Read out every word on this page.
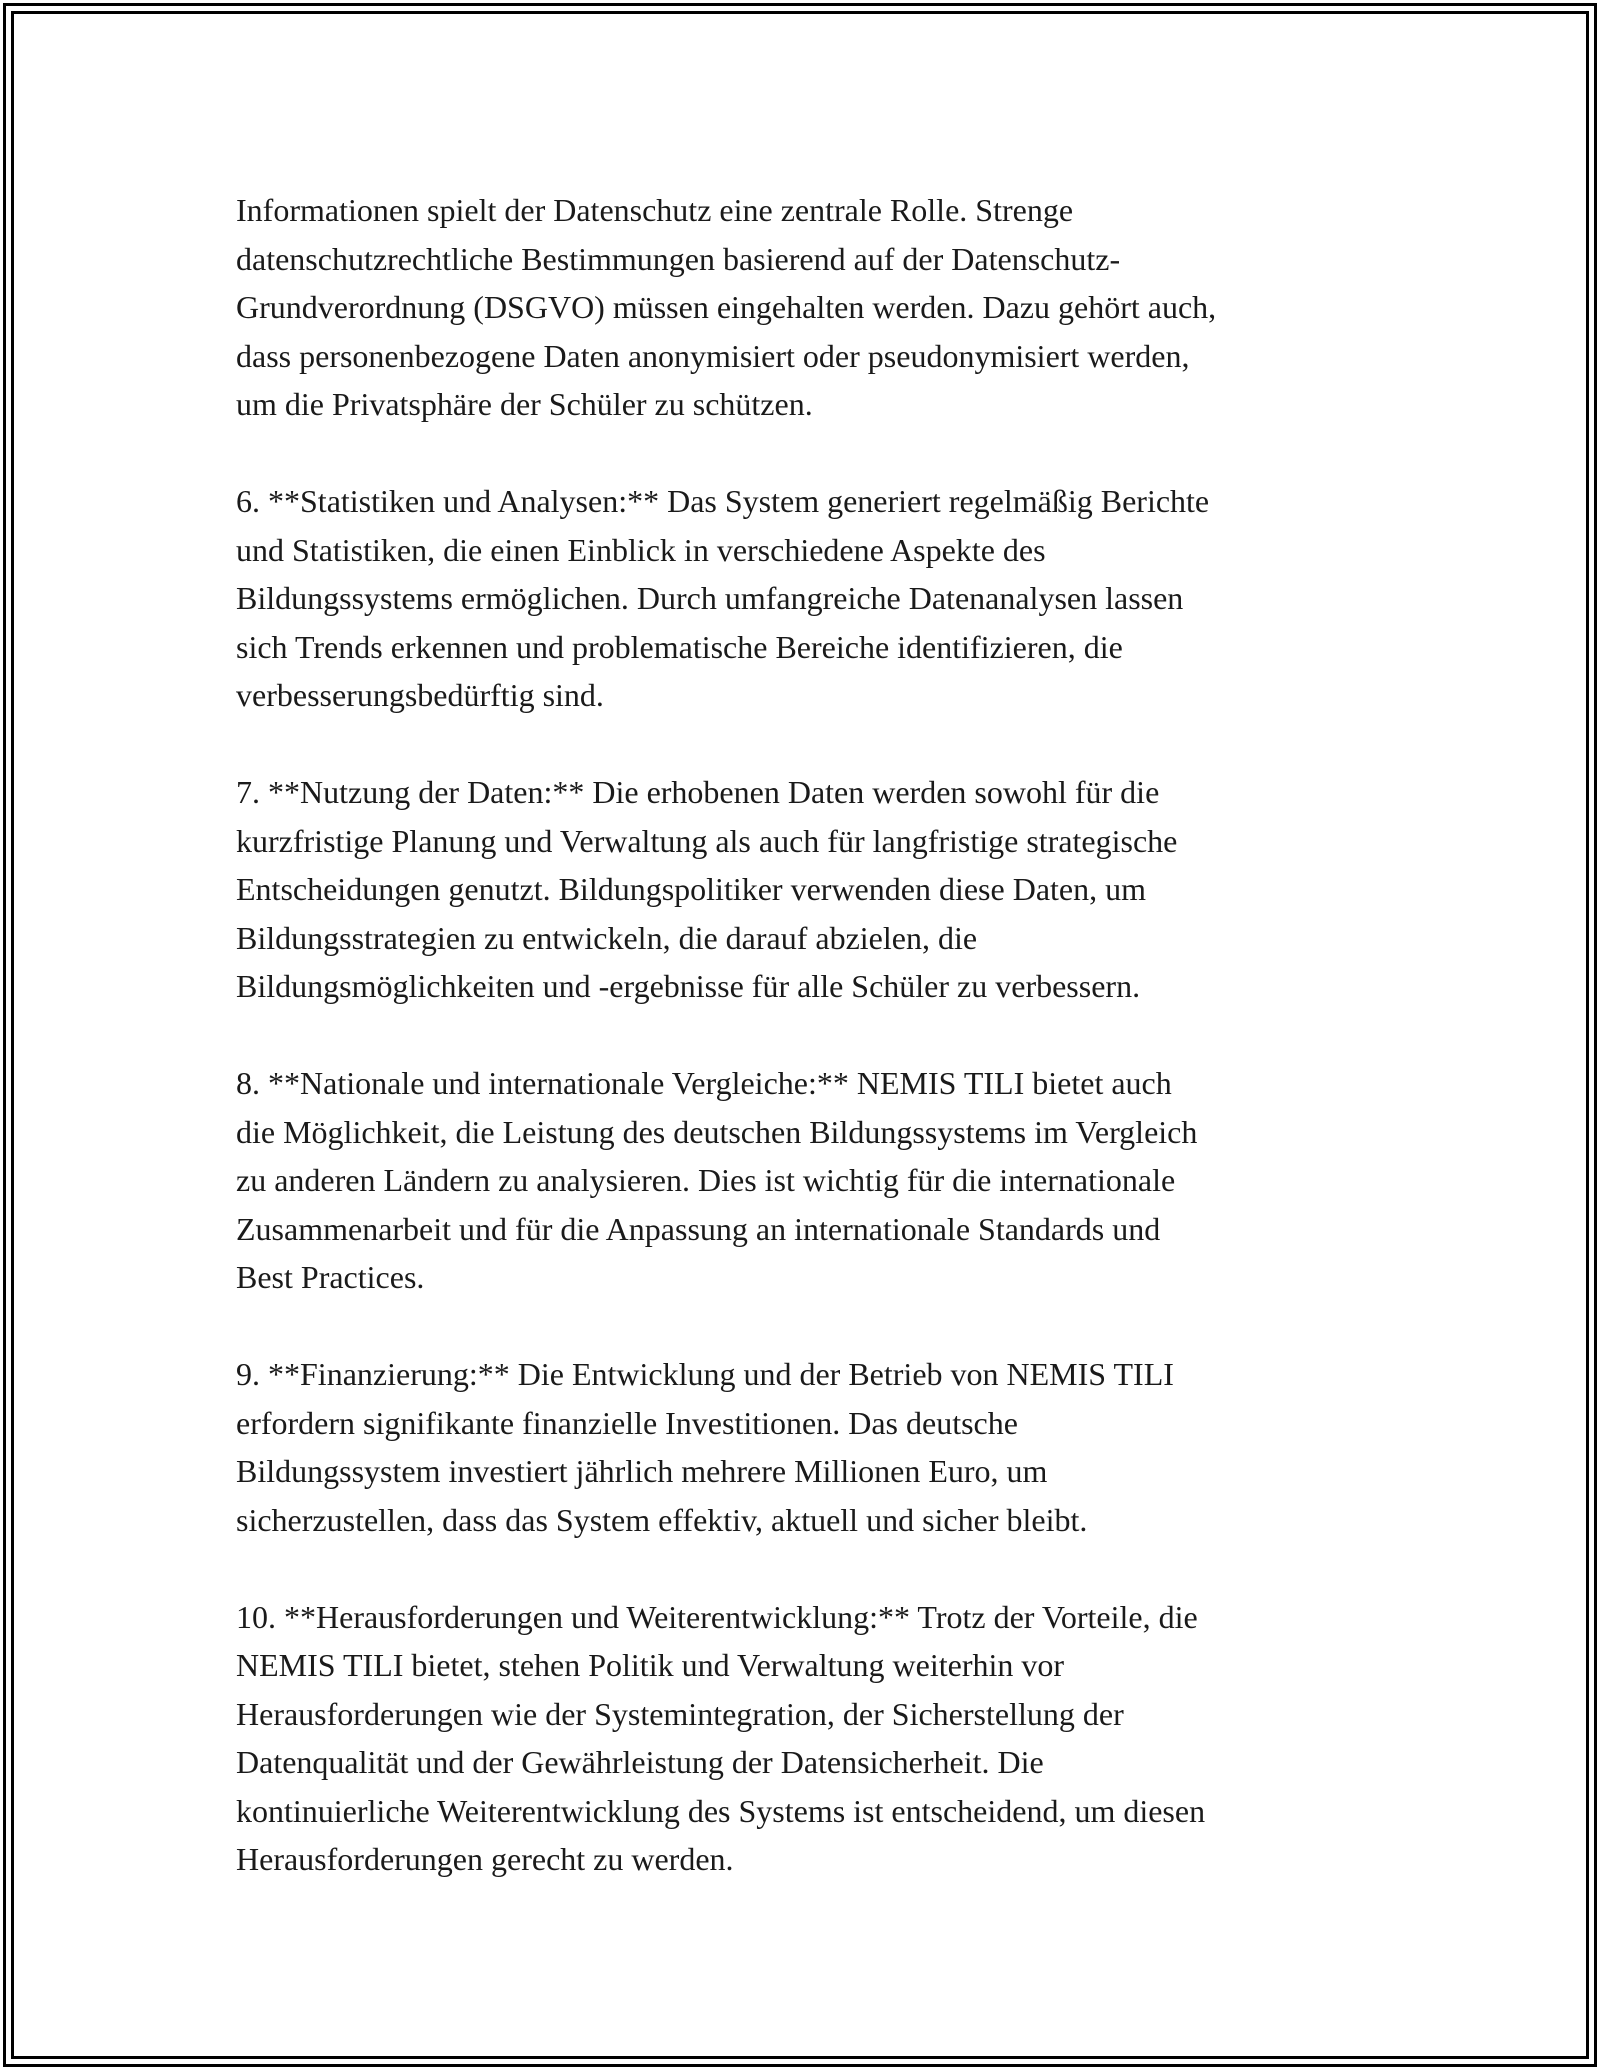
Informationen spielt der Datenschutz eine zentrale Rolle. Strenge
datenschutzrechtliche Bestimmungen basierend auf der Datenschutz-
Grundverordnung (DSGVO) müssen eingehalten werden. Dazu gehört auch,
dass personenbezogene Daten anonymisiert oder pseudonymisiert werden,
um die Privatsphäre der Schüler zu schützen.

6. **Statistiken und Analysen:** Das System generiert regelmäßig Berichte
und Statistiken, die einen Einblick in verschiedene Aspekte des
Bildungssystems ermöglichen. Durch umfangreiche Datenanalysen lassen
sich Trends erkennen und problematische Bereiche identifizieren, die
verbesserungsbedürftig sind.

7. **Nutzung der Daten:** Die erhobenen Daten werden sowohl für die
kurzfristige Planung und Verwaltung als auch für langfristige strategische
Entscheidungen genutzt. Bildungspolitiker verwenden diese Daten, um
Bildungsstrategien zu entwickeln, die darauf abzielen, die
Bildungsmöglichkeiten und -ergebnisse für alle Schüler zu verbessern.

8. **Nationale und internationale Vergleiche:** NEMIS TILI bietet auch
die Möglichkeit, die Leistung des deutschen Bildungssystems im Vergleich
zu anderen Ländern zu analysieren. Dies ist wichtig für die internationale
Zusammenarbeit und für die Anpassung an internationale Standards und
Best Practices.

9. **Finanzierung:** Die Entwicklung und der Betrieb von NEMIS TILI
erfordern signifikante finanzielle Investitionen. Das deutsche
Bildungssystem investiert jährlich mehrere Millionen Euro, um
sicherzustellen, dass das System effektiv, aktuell und sicher bleibt.

10. **Herausforderungen und Weiterentwicklung:** Trotz der Vorteile, die
NEMIS TILI bietet, stehen Politik und Verwaltung weiterhin vor
Herausforderungen wie der Systemintegration, der Sicherstellung der
Datenqualität und der Gewährleistung der Datensicherheit. Die
kontinuierliche Weiterentwicklung des Systems ist entscheidend, um diesen
Herausforderungen gerecht zu werden.
